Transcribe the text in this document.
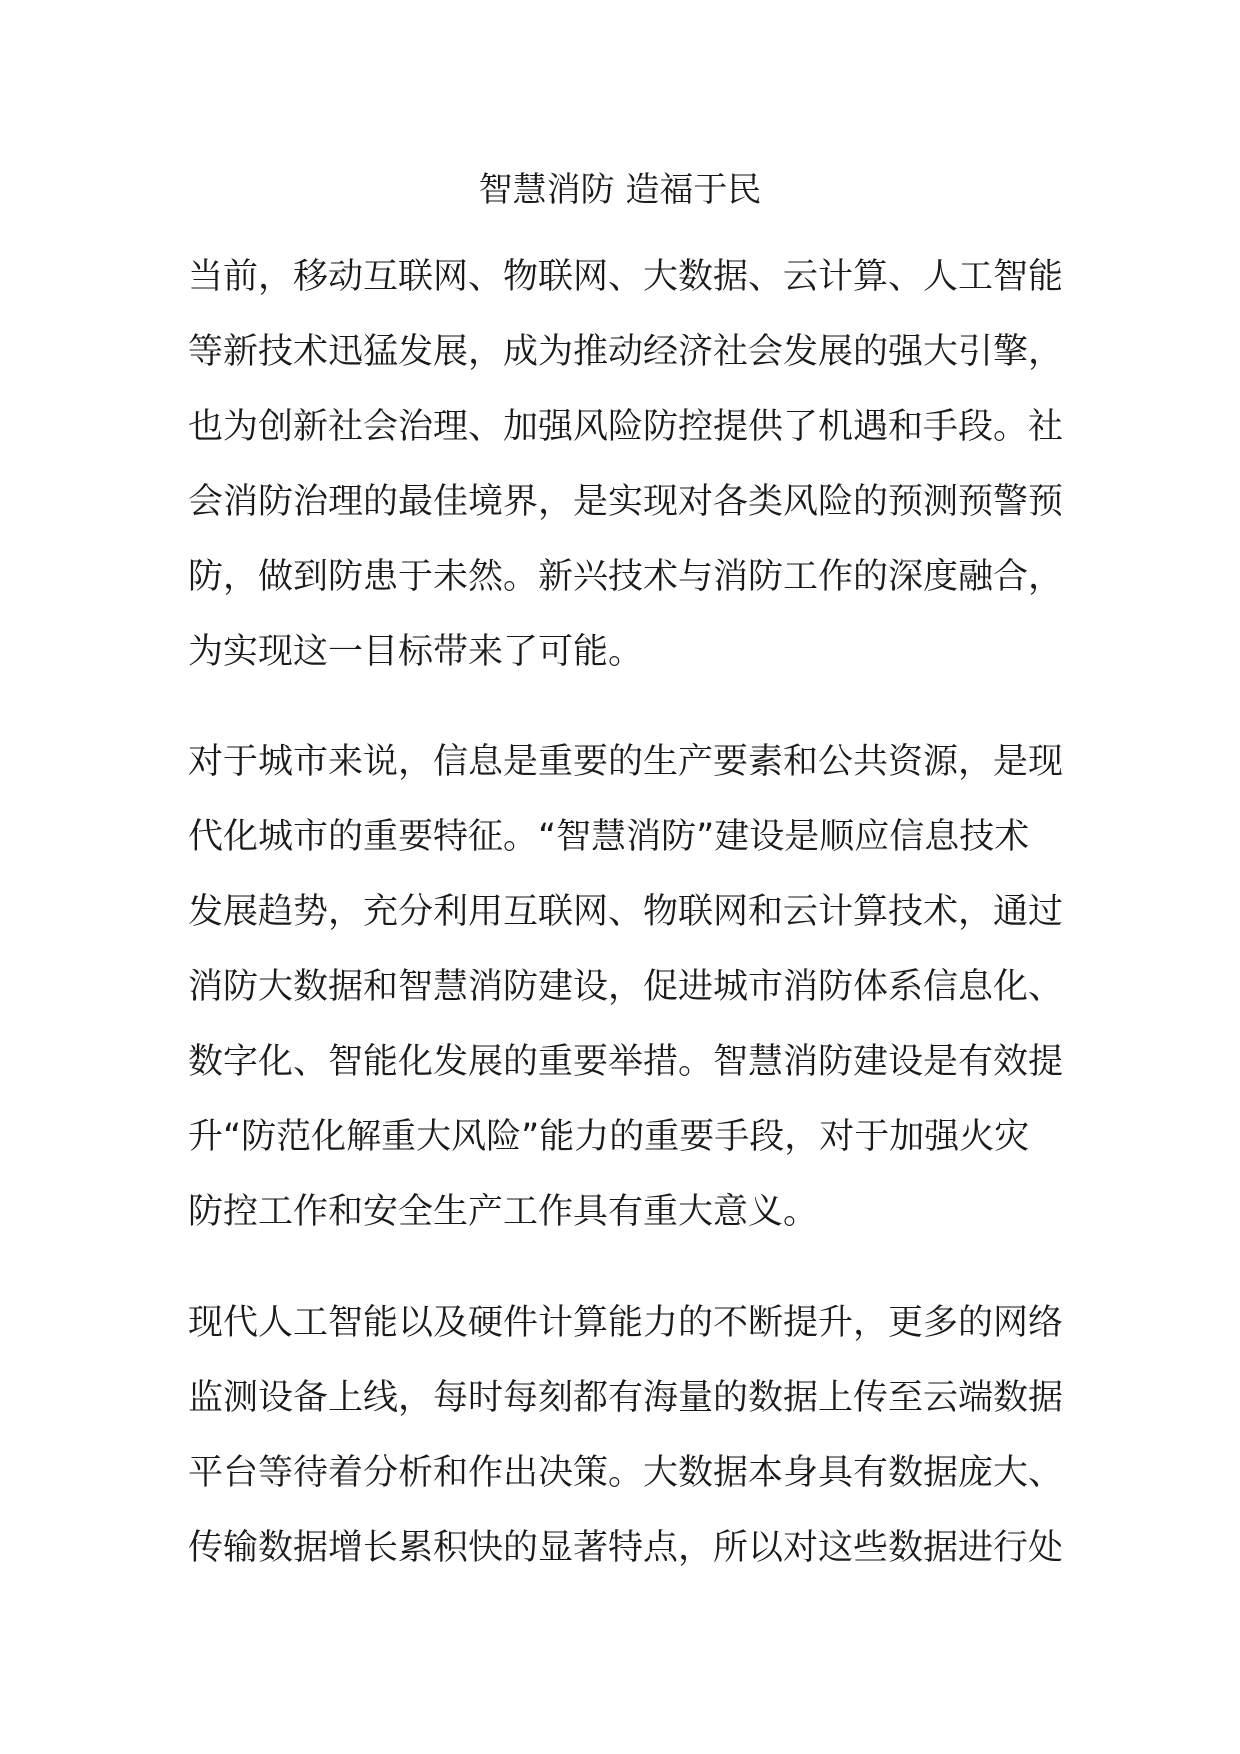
智慧消防 造福于民
当前，移动互联网、物联网、大数据、云计算、人工智能
等新技术迅猛发展，成为推动经济社会发展的强大引擎，
也为创新社会治理、加强风险防控提供了机遇和手段。社
会消防治理的最佳境界，是实现对各类风险的预测预警预
防，做到防患于未然。新兴技术与消防工作的深度融合，
为实现这一目标带来了可能。
对于城市来说，信息是重要的生产要素和公共资源，是现
代化城市的重要特征。“智慧消防”建设是顺应信息技术
发展趋势，充分利用互联网、物联网和云计算技术，通过
消防大数据和智慧消防建设，促进城市消防体系信息化、
数字化、智能化发展的重要举措。智慧消防建设是有效提
升“防范化解重大风险”能力的重要手段，对于加强火灾
防控工作和安全生产工作具有重大意义。
现代人工智能以及硬件计算能力的不断提升，更多的网络
监测设备上线，每时每刻都有海量的数据上传至云端数据
平台等待着分析和作出决策。大数据本身具有数据庞大、
传输数据增长累积快的显著特点，所以对这些数据进行处
